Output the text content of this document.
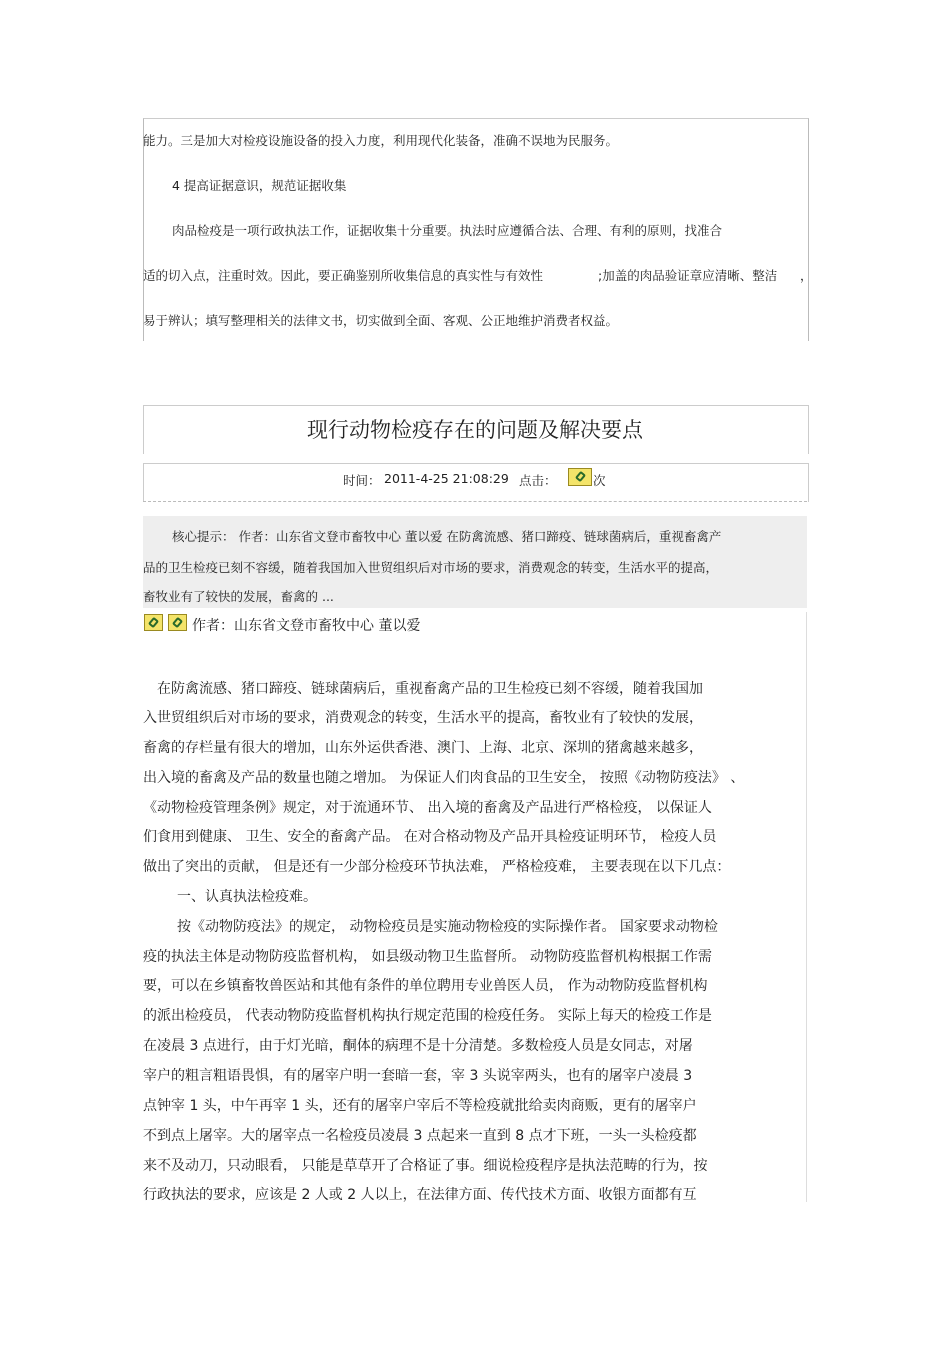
能力。三是加大对检疫设施设备的投入力度，利用现代化装备，准确不误地为民服务。
4 提高证据意识，规范证据收集
肉品检疫是一项行政执法工作，证据收集十分重要。执法时应遵循合法、合理、有利的原则，找准合
适的切入点，注重时效。因此，要正确鉴别所收集信息的真实性与有效性	;加盖的肉品验证章应清晰、整洁 ，
易于辨认；填写整理相关的法律文书，切实做到全面、客观、公正地维护消费者权益。
现行动物检疫存在的问题及解决要点
时间： 2011-4-25 21:08:29 点击：	次
核心提示： 作者：山东省文登市畜牧中心 董以爱 在防禽流感、猪口蹄疫、链球菌病后，重视畜禽产
品的卫生检疫已刻不容缓，随着我国加入世贸组织后对市场的要求，消费观念的转变，生活水平的提高，
畜牧业有了较快的发展，畜禽的 ...
作者：山东省文登市畜牧中心 董以爱
在防禽流感、猪口蹄疫、链球菌病后，重视畜禽产品的卫生检疫已刻不容缓，随着我国加
入世贸组织后对市场的要求，消费观念的转变，生活水平的提高，畜牧业有了较快的发展，
畜禽的存栏量有很大的增加，山东外运供香港、澳门、上海、北京、深圳的猪禽越来越多，
出入境的畜禽及产品的数量也随之增加。 为保证人们肉食品的卫生安全， 按照《动物防疫法》 、
《动物检疫管理条例》规定，对于流通环节、 出入境的畜禽及产品进行严格检疫， 以保证人
们食用到健康、 卫生、安全的畜禽产品。 在对合格动物及产品开具检疫证明环节， 检疫人员
做出了突出的贡献， 但是还有一少部分检疫环节执法难， 严格检疫难， 主要表现在以下几点：
一、认真执法检疫难。
按《动物防疫法》的规定， 动物检疫员是实施动物检疫的实际操作者。 国家要求动物检
疫的执法主体是动物防疫监督机构， 如县级动物卫生监督所。 动物防疫监督机构根据工作需
要，可以在乡镇畜牧兽医站和其他有条件的单位聘用专业兽医人员， 作为动物防疫监督机构
的派出检疫员， 代表动物防疫监督机构执行规定范围的检疫任务。 实际上每天的检疫工作是
在凌晨 3 点进行，由于灯光暗，酮体的病理不是十分清楚。多数检疫人员是女同志，对屠
宰户的粗言粗语畏惧，有的屠宰户明一套暗一套，宰 3 头说宰两头，也有的屠宰户凌晨 3
点钟宰 1 头，中午再宰 1 头，还有的屠宰户宰后不等检疫就批给卖肉商贩，更有的屠宰户
不到点上屠宰。大的屠宰点一名检疫员凌晨 3 点起来一直到 8 点才下班，一头一头检疫都
来不及动刀，只动眼看， 只能是草草开了合格证了事。细说检疫程序是执法范畴的行为，按
行政执法的要求，应该是 2 人或 2 人以上，在法律方面、传代技术方面、收银方面都有互
